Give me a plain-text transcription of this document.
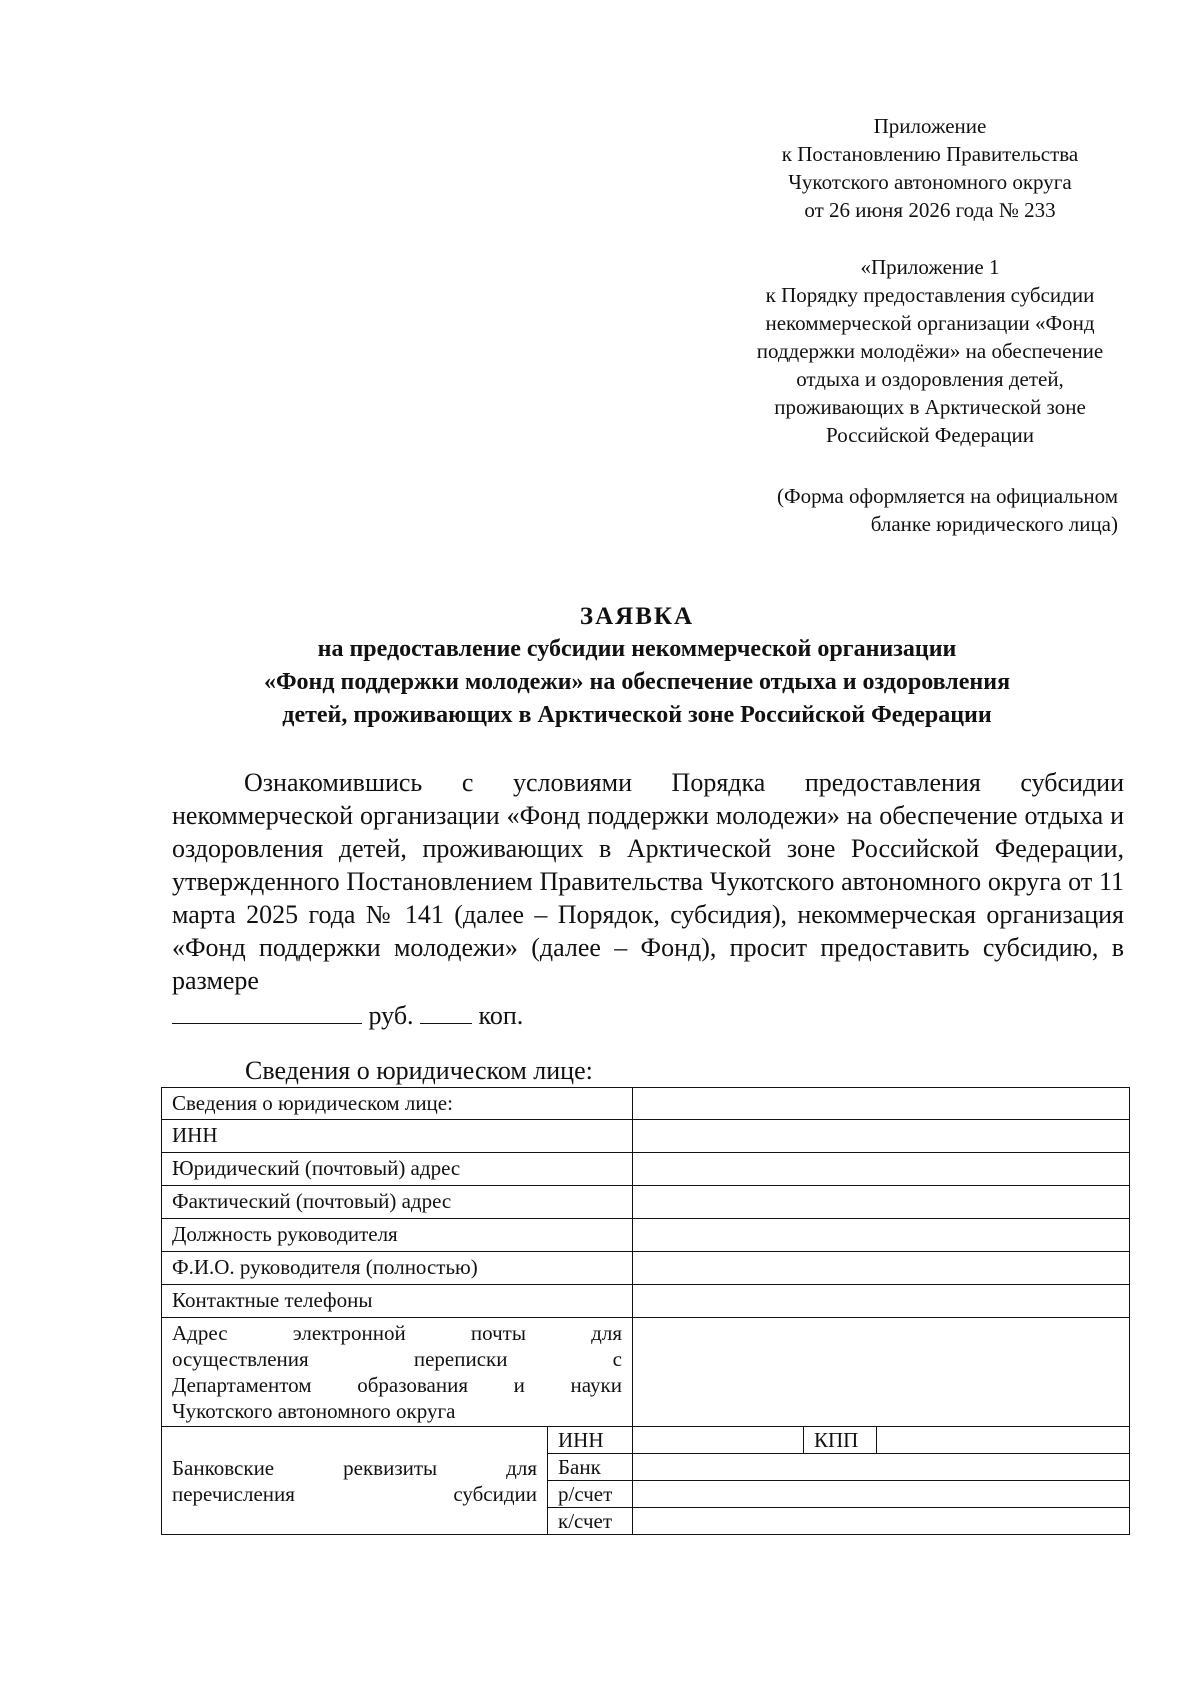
Приложение
к Постановлению Правительства
Чукотского автономного округа
от 26 июня 2026 года № 233
«Приложение 1
к Порядку предоставления субсидии
некоммерческой организации «Фонд
поддержки молодёжи» на обеспечение
отдыха и оздоровления детей,
проживающих в Арктической зоне
Российской Федерации
(Форма оформляется на официальном
бланке юридического лица)
ЗАЯВКА
на предоставление субсидии некоммерческой организации
«Фонд поддержки молодежи» на обеспечение отдыха и оздоровления
детей, проживающих в Арктической зоне Российской Федерации
Ознакомившись с условиями Порядка предоставления субсидии некоммерческой организации «Фонд поддержки молодежи» на обеспечение отдыха и оздоровления детей, проживающих в Арктической зоне Российской Федерации, утвержденного Постановлением Правительства Чукотского автономного округа от 11 марта 2025 года № 141 (далее – Порядок, субсидия), некоммерческая организация «Фонд поддержки молодежи» (далее – Фонд), просит предоставить субсидию, в размере
руб.	коп.
Сведения о юридическом лице:
Сведения о юридическом лице:				
ИНН				
Юридический (почтовый) адрес				
Фактический (почтовый) адрес				
Должность руководителя				
Ф.И.О. руководителя (полностью)				
Контактные телефоны				

Адрес электронной почты для
осуществления переписки с
Департаментом образования и науки
Чукотского автономного округа				

Банковские реквизиты для перечисления субсидии	ИНН		КПП	
	Банк			
	р/счет			
	к/счет			
